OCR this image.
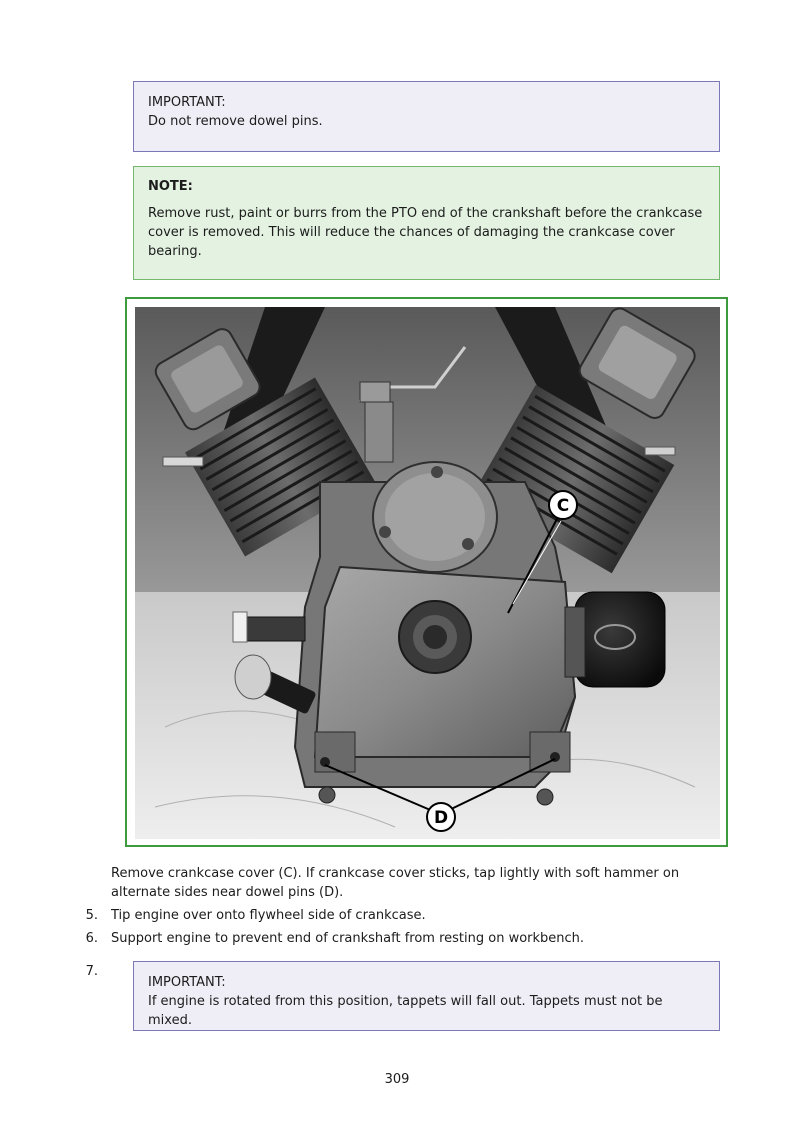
IMPORTANT:
Do not remove dowel pins.
NOTE:
Remove rust, paint or burrs from the PTO end of the crankshaft before the crankcase cover is removed. This will reduce the chances of damaging the crankcase cover bearing.
C
D
Remove crankcase cover (C). If crankcase cover sticks, tap lightly with soft hammer on alternate sides near dowel pins (D).
5. Tip engine over onto flywheel side of crankcase.
6. Support engine to prevent end of crankshaft from resting on workbench.
7.
IMPORTANT:
If engine is rotated from this position, tappets will fall out. Tappets must not be mixed.
309
